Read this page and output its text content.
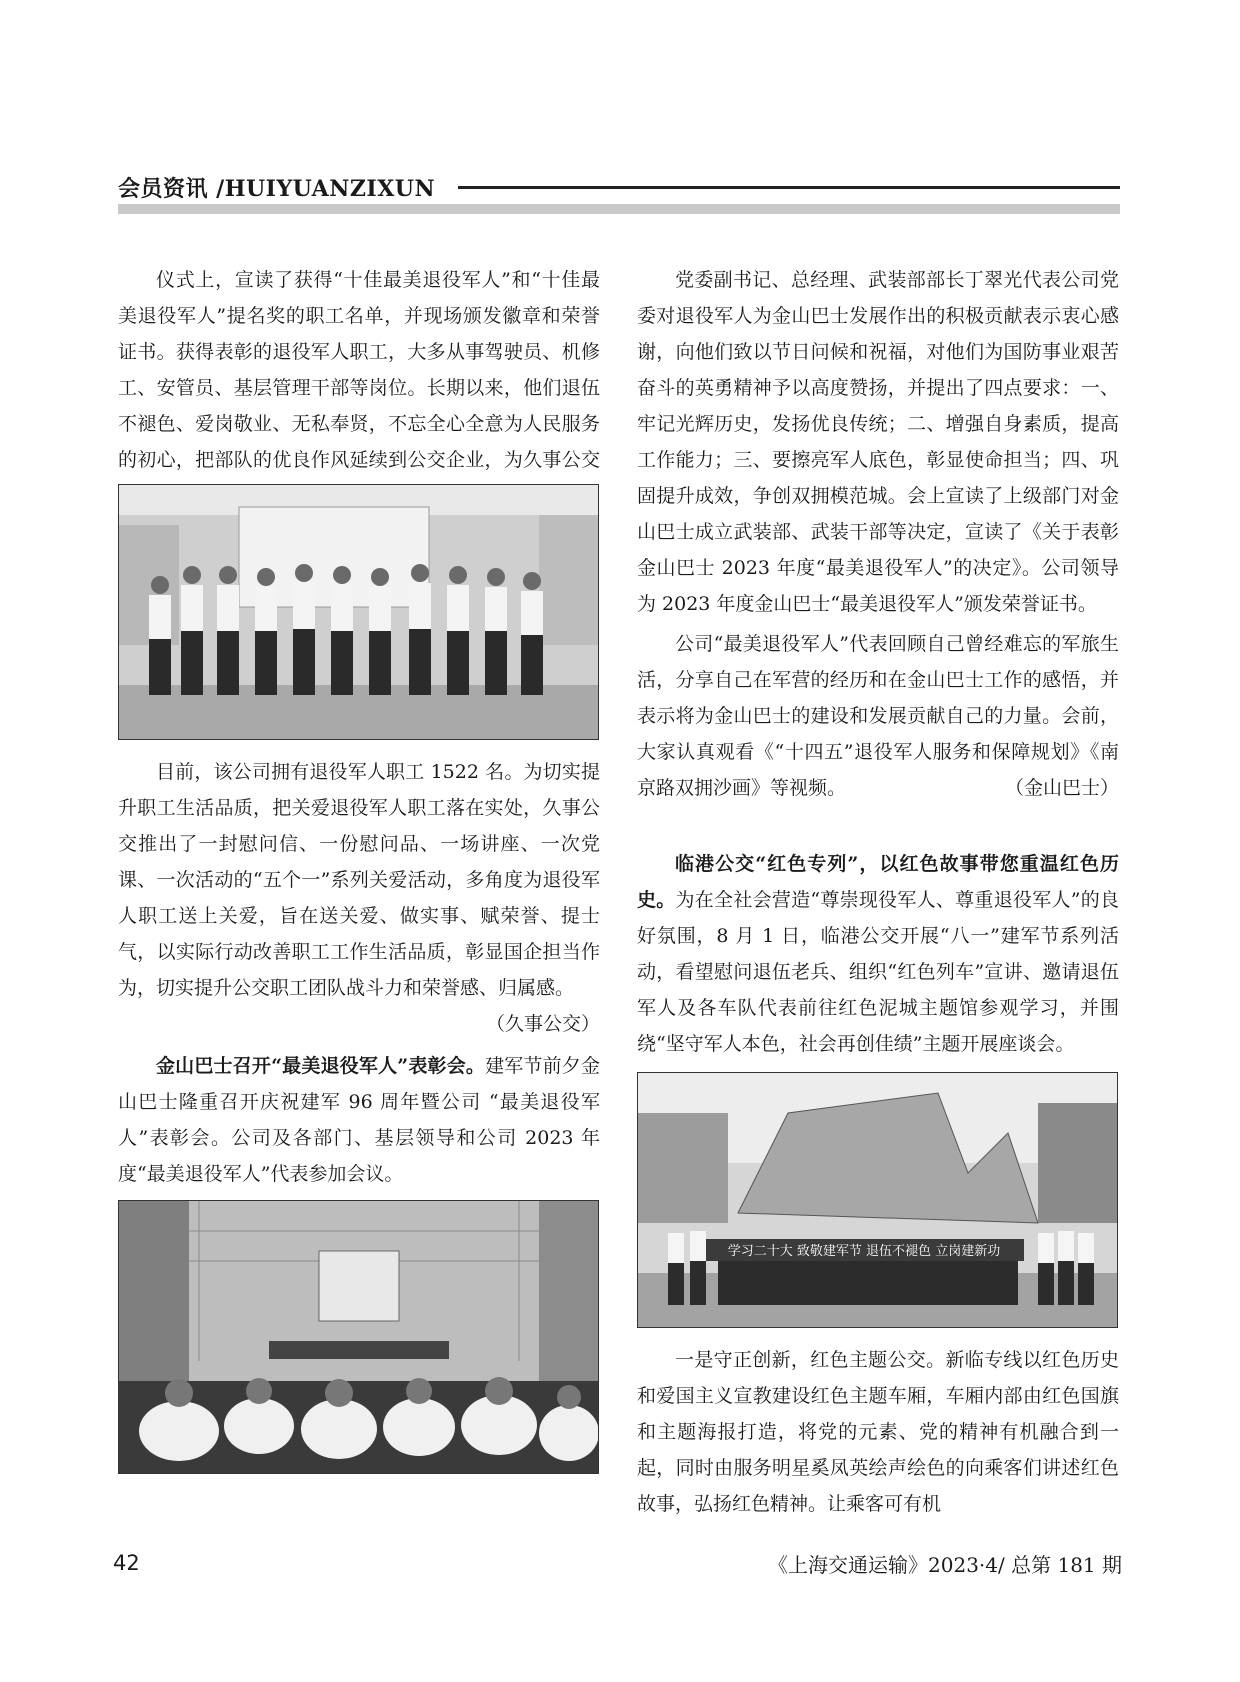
会员资讯 /HUIYUANZIXUN

仪式上，宣读了获得“十佳最美退役军人”和“十佳最美退役军人”提名奖的职工名单，并现场颁发徽章和荣誉证书。获得表彰的退役军人职工，大多从事驾驶员、机修工、安管员、基层管理干部等岗位。长期以来，他们退伍不褪色、爱岗敬业、无私奉贤，不忘全心全意为人民服务的初心，把部队的优良作风延续到公交企业，为久事公交

目前，该公司拥有退役军人职工 1522 名。为切实提升职工生活品质，把关爱退役军人职工落在实处，久事公交推出了一封慰问信、一份慰问品、一场讲座、一次党课、一次活动的“五个一”系列关爱活动，多角度为退役军人职工送上关爱，旨在送关爱、做实事、赋荣誉、提士气，以实际行动改善职工工作生活品质，彰显国企担当作为，切实提升公交职工团队战斗力和荣誉感、归属感。
（久事公交）

金山巴士召开“最美退役军人”表彰会。建军节前夕金山巴士隆重召开庆祝建军 96 周年暨公司 “最美退役军人”表彰会。公司及各部门、基层领导和公司 2023 年度“最美退役军人”代表参加会议。

党委副书记、总经理、武装部部长丁翠光代表公司党委对退役军人为金山巴士发展作出的积极贡献表示衷心感谢，向他们致以节日问候和祝福，对他们为国防事业艰苦奋斗的英勇精神予以高度赞扬，并提出了四点要求：一、牢记光辉历史，发扬优良传统；二、增强自身素质，提高工作能力；三、要擦亮军人底色，彰显使命担当；四、巩固提升成效，争创双拥模范城。会上宣读了上级部门对金山巴士成立武装部、武装干部等决定，宣读了《关于表彰金山巴士 2023 年度“最美退役军人”的决定》。公司领导为 2023 年度金山巴士“最美退役军人”颁发荣誉证书。

公司“最美退役军人”代表回顾自己曾经难忘的军旅生活，分享自己在军营的经历和在金山巴士工作的感悟，并表示将为金山巴士的建设和发展贡献自己的力量。会前，大家认真观看《“十四五”退役军人服务和保障规划》《南京路双拥沙画》等视频。	（金山巴士）

临港公交“红色专列”，以红色故事带您重温红色历史。为在全社会营造“尊崇现役军人、尊重退役军人”的良好氛围，8 月 1 日，临港公交开展“八一”建军节系列活动，看望慰问退伍老兵、组织“红色列车”宣讲、邀请退伍军人及各车队代表前往红色泥城主题馆参观学习，并围绕“坚守军人本色，社会再创佳绩”主题开展座谈会。

学习二十大 致敬建军节 退伍不褪色 立岗建新功

一是守正创新，红色主题公交。新临专线以红色历史和爱国主义宣教建设红色主题车厢，车厢内部由红色国旗和主题海报打造，将党的元素、党的精神有机融合到一起，同时由服务明星奚凤英绘声绘色的向乘客们讲述红色故事，弘扬红色精神。让乘客可有机

42	《上海交通运输》2023·4/ 总第 181 期
